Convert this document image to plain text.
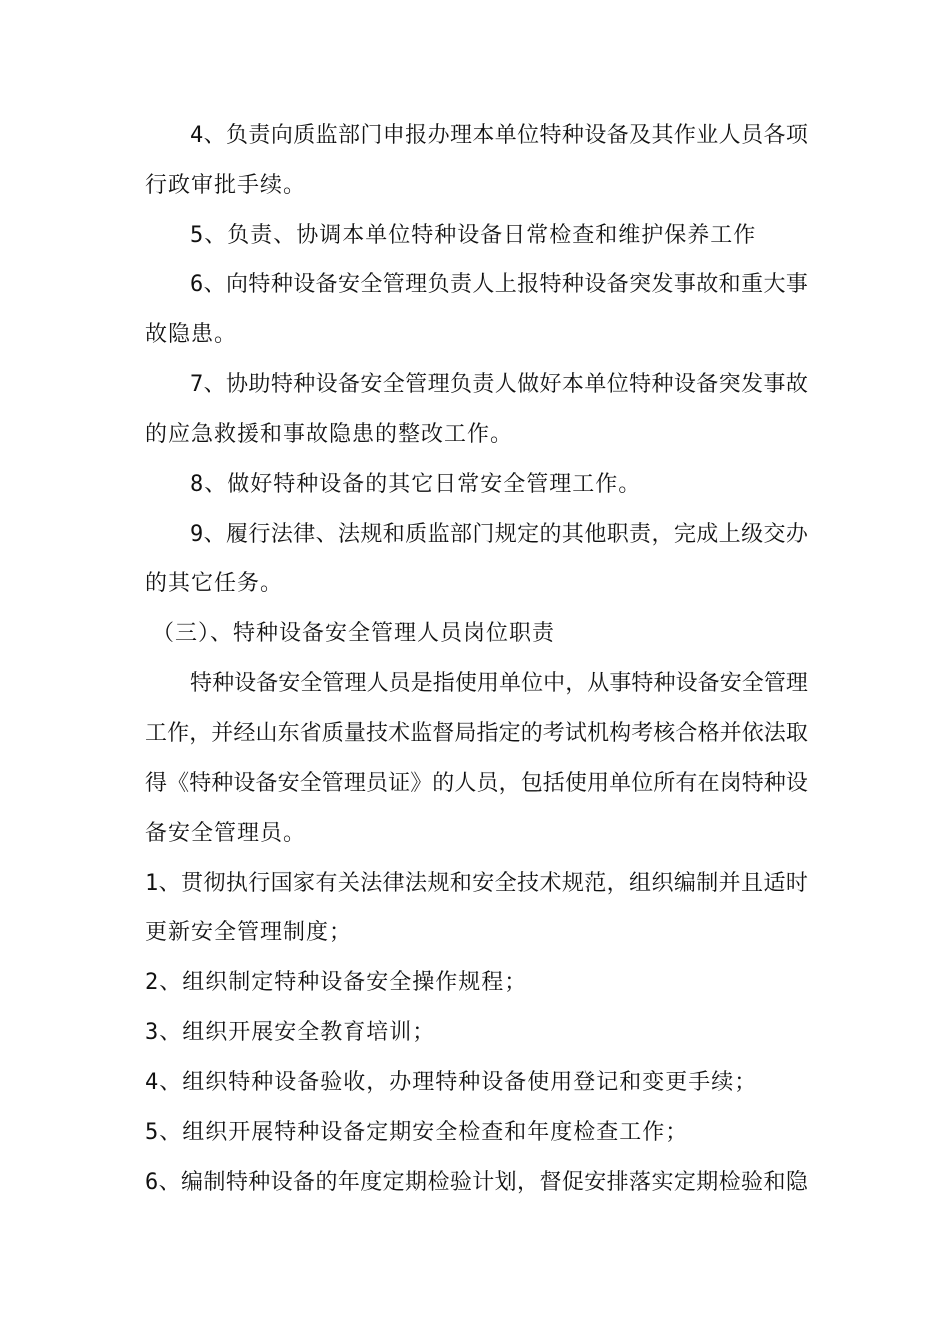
4、负责向质监部门申报办理本单位特种设备及其作业人员各项
行政审批手续。
5、负责、协调本单位特种设备日常检查和维护保养工作
6、向特种设备安全管理负责人上报特种设备突发事故和重大事
故隐患。
7、协助特种设备安全管理负责人做好本单位特种设备突发事故
的应急救援和事故隐患的整改工作。
8、做好特种设备的其它日常安全管理工作。
9、履行法律、法规和质监部门规定的其他职责，完成上级交办
的其它任务。
（三）、特种设备安全管理人员岗位职责
特种设备安全管理人员是指使用单位中，从事特种设备安全管理
工作，并经山东省质量技术监督局指定的考试机构考核合格并依法取
得《特种设备安全管理员证》的人员，包括使用单位所有在岗特种设
备安全管理员。
1、贯彻执行国家有关法律法规和安全技术规范，组织编制并且适时
更新安全管理制度；
2、组织制定特种设备安全操作规程；
3、组织开展安全教育培训；
4、组织特种设备验收，办理特种设备使用登记和变更手续；
5、组织开展特种设备定期安全检查和年度检查工作；
6、编制特种设备的年度定期检验计划，督促安排落实定期检验和隐
